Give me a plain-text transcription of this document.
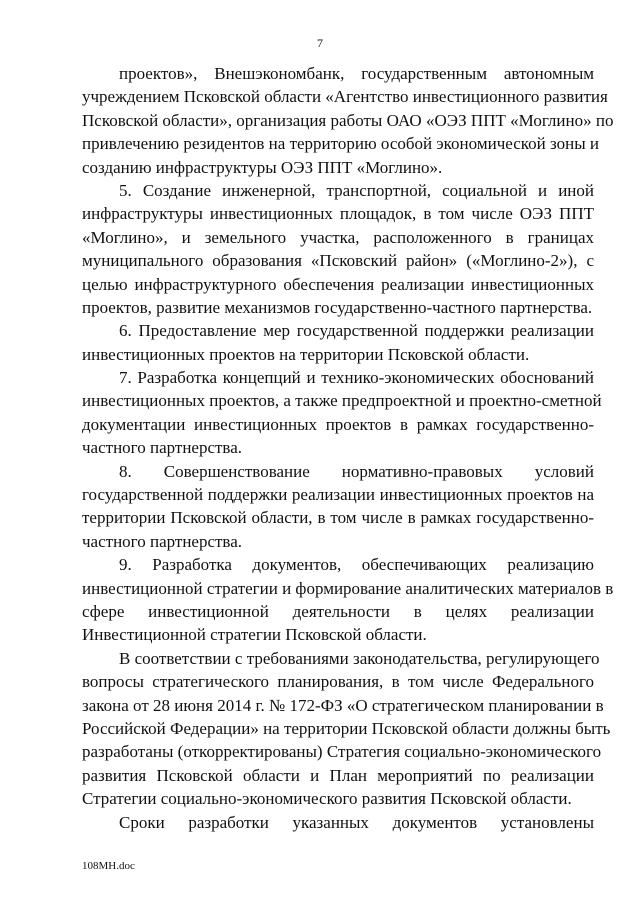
7
проектов», Внешэкономбанк, государственным автономным
учреждением Псковской области «Агентство инвестиционного развития
Псковской области», организация работы ОАО «ОЭЗ ППТ «Моглино» по
привлечению резидентов на территорию особой экономической зоны и
созданию инфраструктуры ОЭЗ ППТ «Моглино».
5. Создание инженерной, транспортной, социальной и иной
инфраструктуры инвестиционных площадок, в том числе ОЭЗ ППТ
«Моглино», и земельного участка, расположенного в границах
муниципального образования «Псковский район» («Моглино-2»), с
целью инфраструктурного обеспечения реализации инвестиционных
проектов, развитие механизмов государственно-частного партнерства.
6. Предоставление мер государственной поддержки реализации
инвестиционных проектов на территории Псковской области.
7. Разработка концепций и технико-экономических обоснований
инвестиционных проектов, а также предпроектной и проектно-сметной
документации инвестиционных проектов в рамках государственно-
частного партнерства.
8. Совершенствование нормативно-правовых условий
государственной поддержки реализации инвестиционных проектов на
территории Псковской области, в том числе в рамках государственно-
частного партнерства.
9. Разработка документов, обеспечивающих реализацию
инвестиционной стратегии и формирование аналитических материалов в
сфере инвестиционной деятельности в целях реализации
Инвестиционной стратегии Псковской области.
В соответствии с требованиями законодательства, регулирующего
вопросы стратегического планирования, в том числе Федерального
закона от 28 июня 2014 г. № 172-ФЗ «О стратегическом планировании в
Российской Федерации» на территории Псковской области должны быть
разработаны (откорректированы) Стратегия социально-экономического
развития Псковской области и План мероприятий по реализации
Стратегии социально-экономического развития Псковской области.
Сроки разработки указанных документов установлены
108МН.doc
